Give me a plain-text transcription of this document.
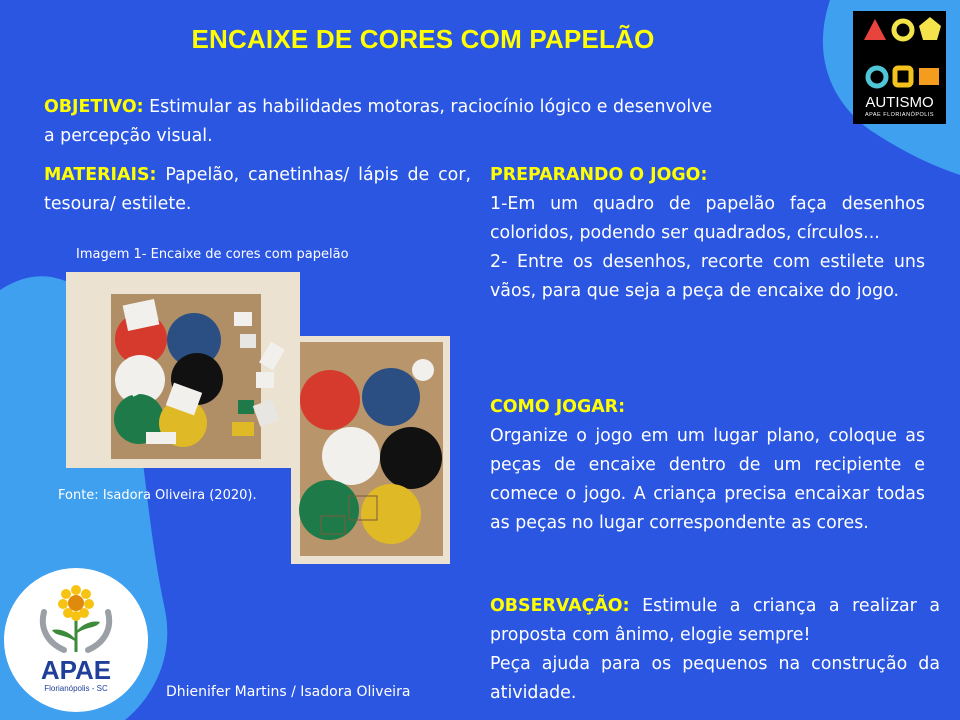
ENCAIXE DE CORES COM PAPELÃO
AUTISMO
APAE FLORIANÓPOLIS
OBJETIVO: Estimular as habilidades motoras, raciocínio lógico e desenvolve
a percepção visual.
MATERIAIS: Papelão, canetinhas/ lápis de cor, tesoura/ estilete.
Imagem 1- Encaixe de cores com papelão
Fonte: Isadora Oliveira (2020).
PREPARANDO O JOGO:
1-Em um quadro de papelão faça desenhos coloridos, podendo ser quadrados, círculos...
2- Entre os desenhos, recorte com estilete uns vãos, para que seja a peça de encaixe do jogo.
COMO JOGAR:
Organize o jogo em um lugar plano, coloque as peças de encaixe dentro de um recipiente e comece o jogo. A criança precisa encaixar todas as peças no lugar correspondente as cores.
OBSERVAÇÃO: Estimule a criança a realizar a proposta com ânimo, elogie sempre!
Peça ajuda para os pequenos na construção da atividade.
APAE
Florianópolis - SC	Dhienifer Martins / Isadora Oliveira
